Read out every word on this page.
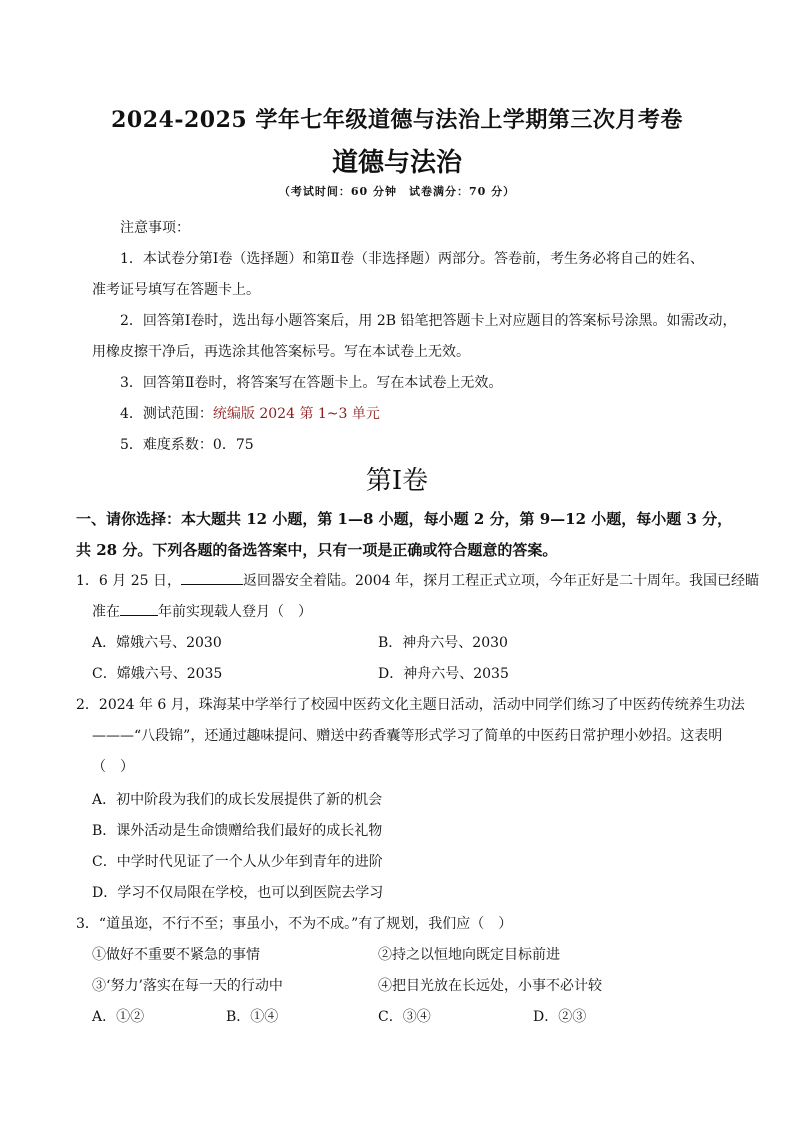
2024-2025 学年七年级道德与法治上学期第三次月考卷
道德与法治
（考试时间：60 分钟　试卷满分：70 分）
注意事项：
1．本试卷分第Ⅰ卷（选择题）和第Ⅱ卷（非选择题）两部分。答卷前，考生务必将自己的姓名、
准考证号填写在答题卡上。
2．回答第Ⅰ卷时，选出每小题答案后，用 2B 铅笔把答题卡上对应题目的答案标号涂黑。如需改动，
用橡皮擦干净后，再选涂其他答案标号。写在本试卷上无效。
3．回答第Ⅱ卷时，将答案写在答题卡上。写在本试卷上无效。
4．测试范围：统编版 2024 第 1~3 单元
5．难度系数：0．75
第Ⅰ卷
一、请你选择：本大题共 12 小题，第 1—8 小题，每小题 2 分，第 9—12 小题，每小题 3 分，
共 28 分。下列各题的备选答案中，只有一项是正确或符合题意的答案。
1．6 月 25 日，	返回器安全着陆。2004 年，探月工程正式立项，今年正好是二十周年。我国已经瞄
准在	年前实现载人登月（　）
A．嫦娥六号、2030	B．神舟六号、2030
C．嫦娥六号、2035	D．神舟六号、2035
2．2024 年 6 月，珠海某中学举行了校园中医药文化主题日活动，活动中同学们练习了中医药传统养生功法
———“八段锦”，还通过趣味提问、赠送中药香囊等形式学习了简单的中医药日常护理小妙招。这表明
（　）
A．初中阶段为我们的成长发展提供了新的机会
B．课外活动是生命馈赠给我们最好的成长礼物
C．中学时代见证了一个人从少年到青年的进阶
D．学习不仅局限在学校，也可以到医院去学习
3．“道虽迩，不行不至；事虽小，不为不成。”有了规划，我们应（　）
①做好不重要不紧急的事情	②持之以恒地向既定目标前进
③‘努力’落实在每一天的行动中	④把目光放在长远处，小事不必计较
A．①②	B．①④	C．③④	D．②③
